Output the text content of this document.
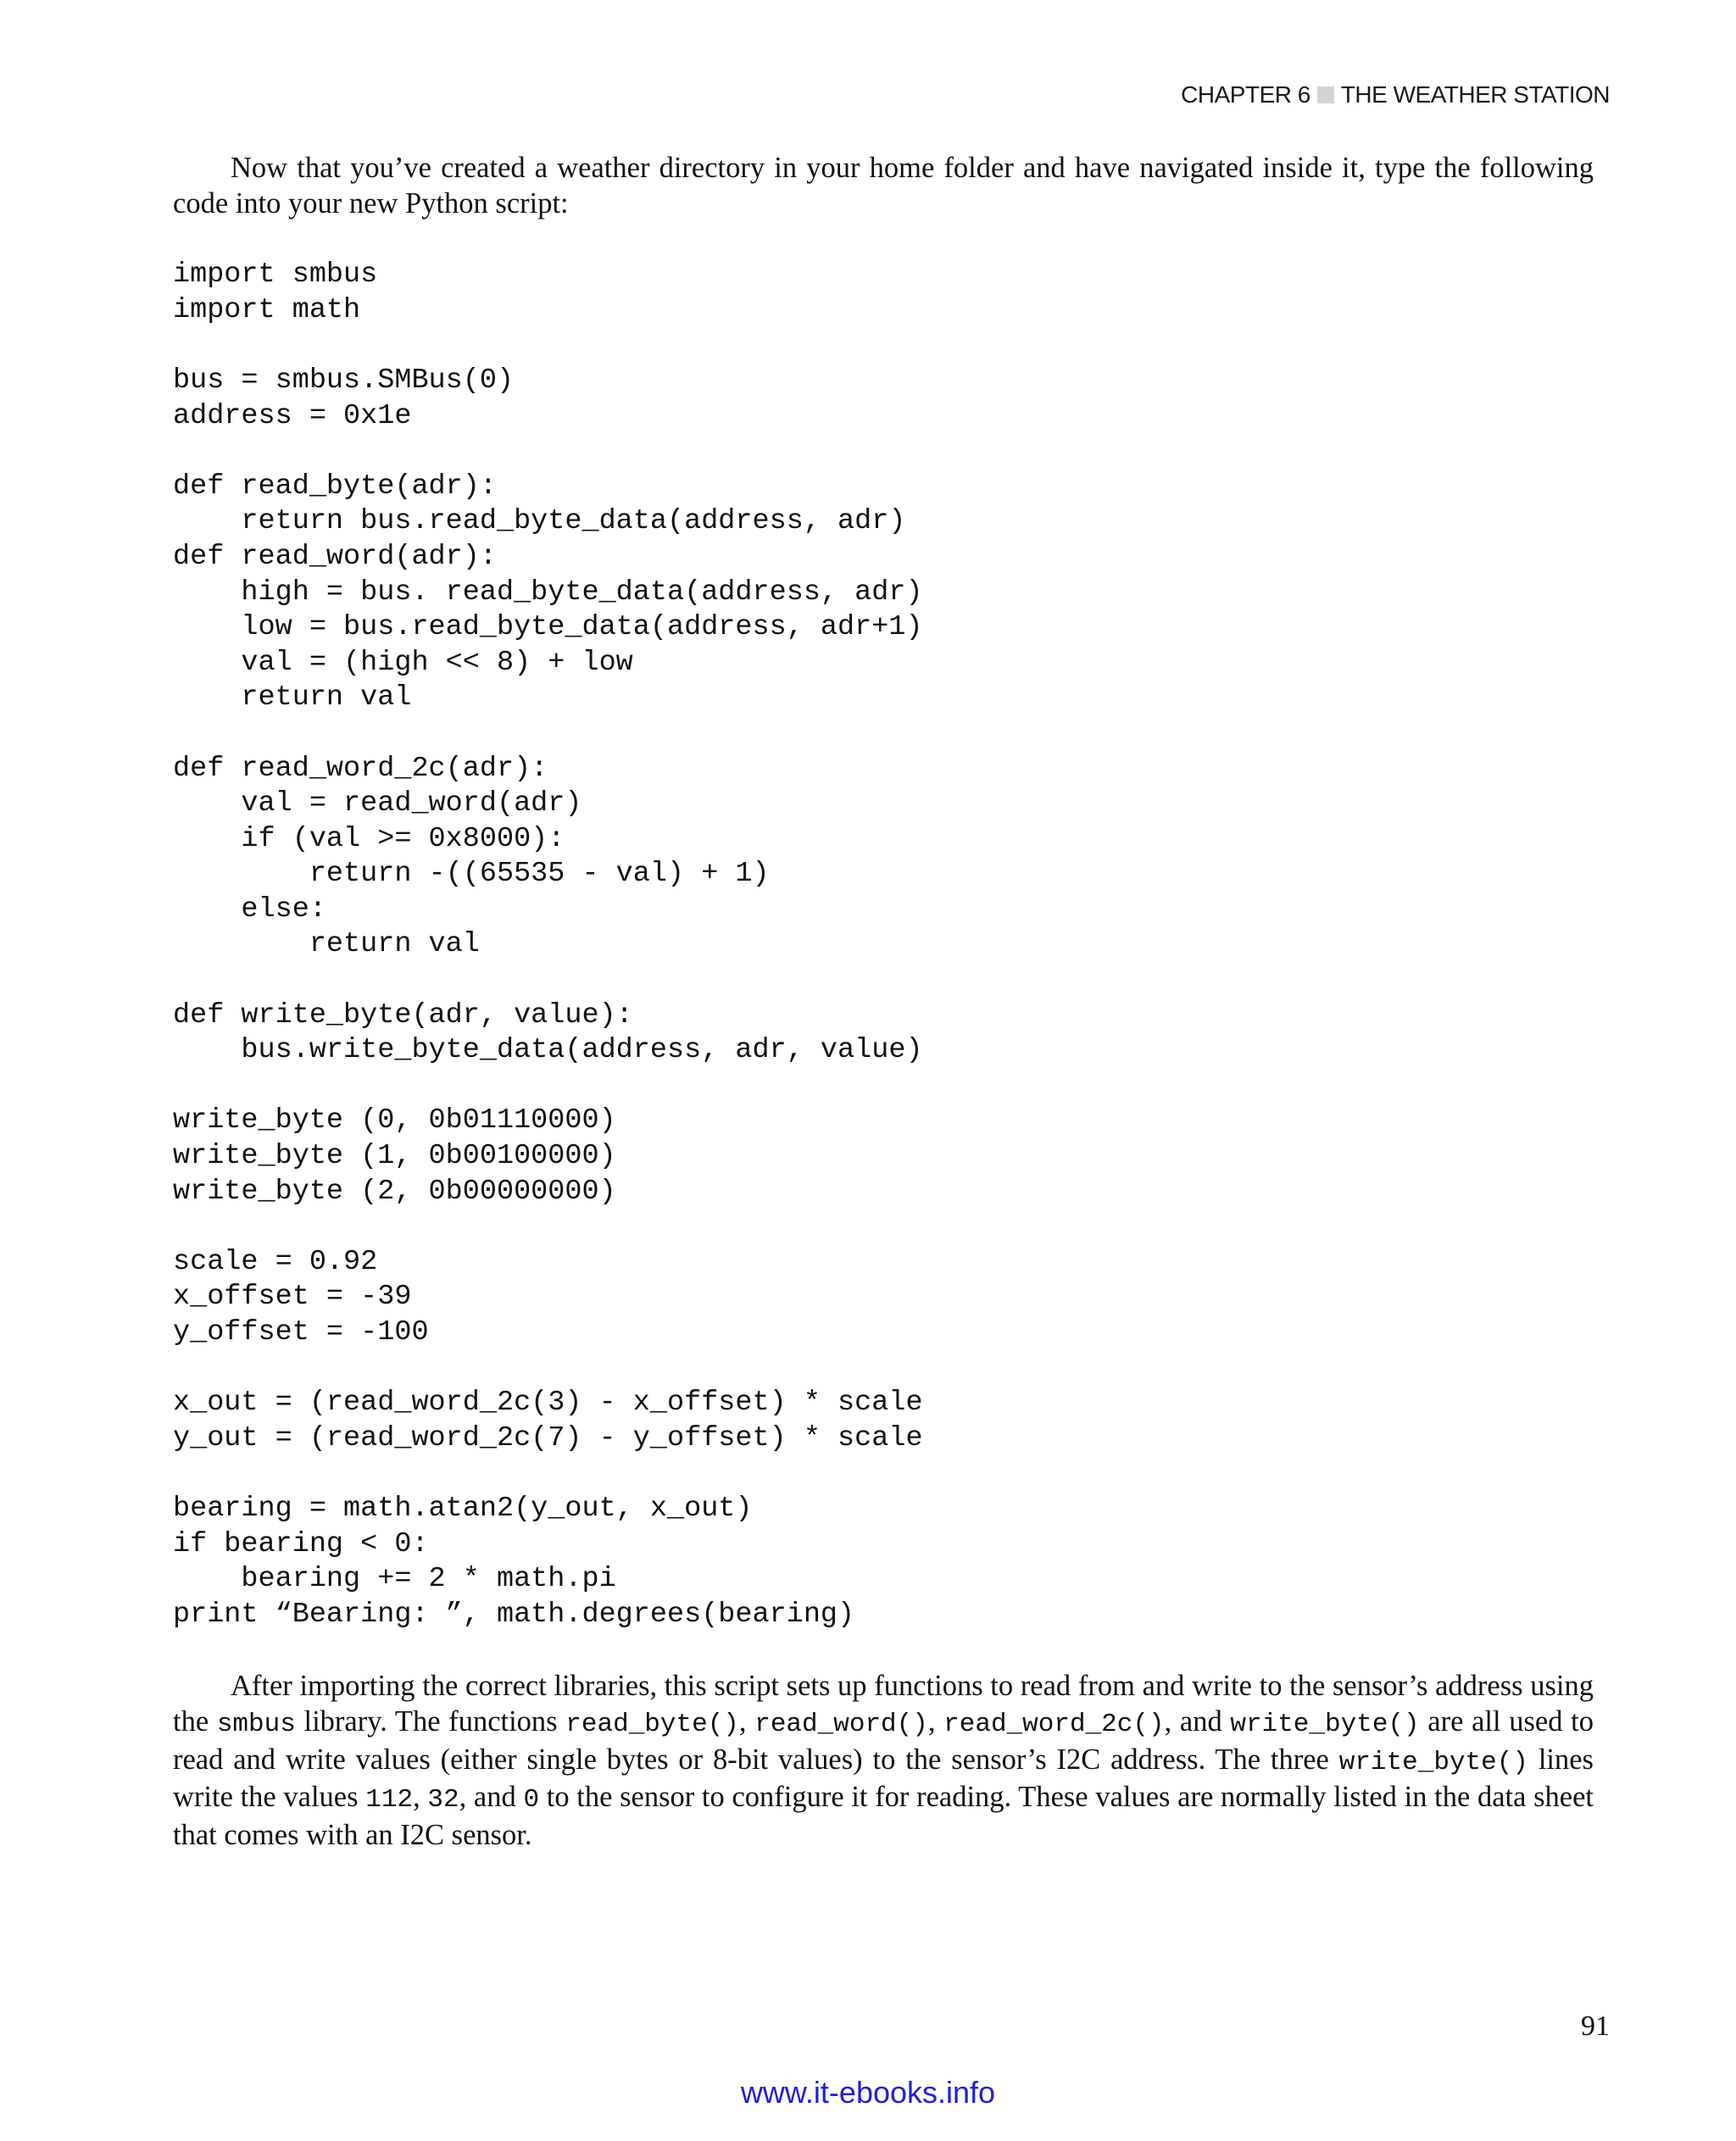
CHAPTER 6 THE WEATHER STATION

Now that you’ve created a weather directory in your home folder and have navigated inside it, type the following code into your new Python script:

import smbus
import math
bus = smbus.SMBus(0)
address = 0x1e
def read_byte(adr):
return bus.read_byte_data(address, adr)
def read_word(adr):
high = bus. read_byte_data(address, adr)
low = bus.read_byte_data(address, adr+1)
val = (high << 8) + low
return val
def read_word_2c(adr):
val = read_word(adr)
if (val >= 0x8000):
return -((65535 - val) + 1)
else:
return val
def write_byte(adr, value):
bus.write_byte_data(address, adr, value)
write_byte (0, 0b01110000)
write_byte (1, 0b00100000)
write_byte (2, 0b00000000)
scale = 0.92
x_offset = -39
y_offset = -100
x_out = (read_word_2c(3) - x_offset) * scale
y_out = (read_word_2c(7) - y_offset) * scale
bearing = math.atan2(y_out, x_out)
if bearing < 0:
bearing += 2 * math.pi
print “Bearing: ”, math.degrees(bearing)

After importing the correct libraries, this script sets up functions to read from and write to the sensor’s address using the smbus library. The functions read_byte(), read_word(), read_word_2c(), and write_byte() are all used to read and write values (either single bytes or 8-bit values) to the sensor’s I2C address. The three write_byte() lines write the values 112, 32, and 0 to the sensor to configure it for reading. These values are normally listed in the data sheet that comes with an I2C sensor.

91
www.it-ebooks.info
